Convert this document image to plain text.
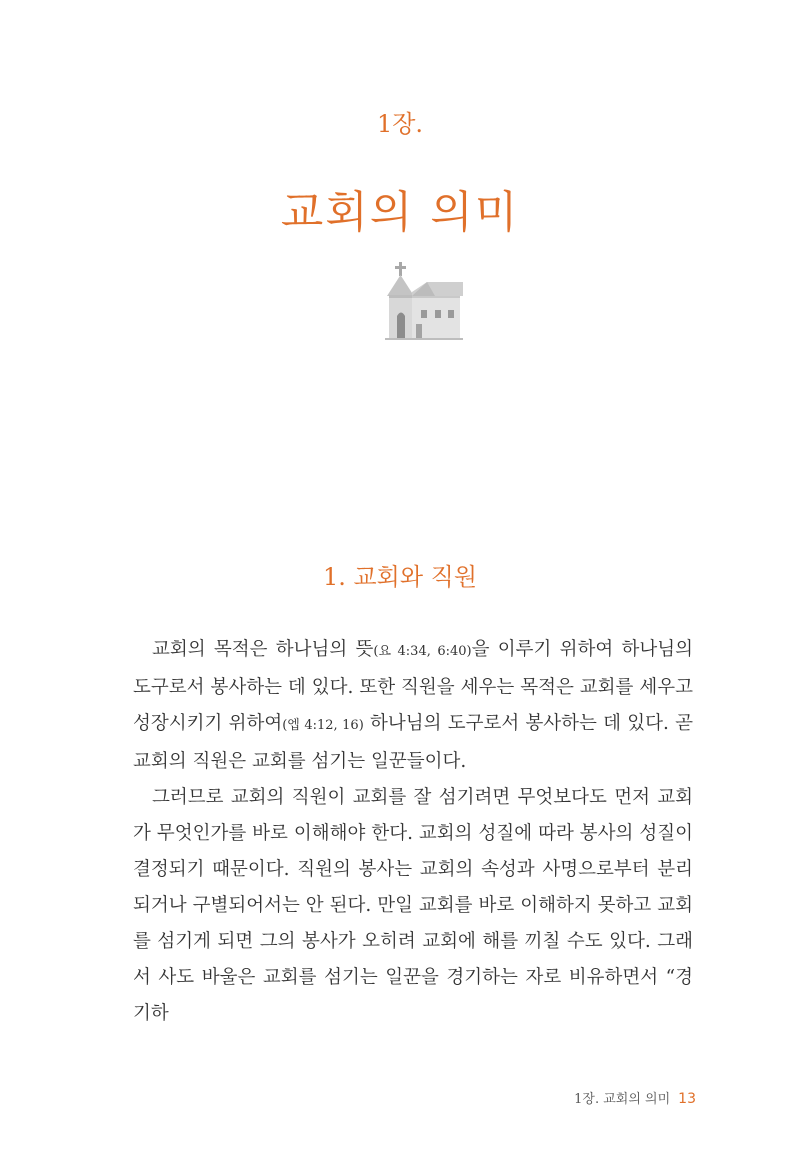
1장.
교회의 의미
1. 교회와 직원

교회의 목적은 하나님의 뜻(요 4:34, 6:40)을 이루기 위하여 하나님의 도구로서 봉사하는 데 있다. 또한 직원을 세우는 목적은 교회를 세우고 성장시키기 위하여(엡 4:12, 16) 하나님의 도구로서 봉사하는 데 있다. 곧 교회의 직원은 교회를 섬기는 일꾼들이다.

그러므로 교회의 직원이 교회를 잘 섬기려면 무엇보다도 먼저 교회가 무엇인가를 바로 이해해야 한다. 교회의 성질에 따라 봉사의 성질이 결정되기 때문이다. 직원의 봉사는 교회의 속성과 사명으로부터 분리되거나 구별되어서는 안 된다. 만일 교회를 바로 이해하지 못하고 교회를 섬기게 되면 그의 봉사가 오히려 교회에 해를 끼칠 수도 있다. 그래서 사도 바울은 교회를 섬기는 일꾼을 경기하는 자로 비유하면서 “경기하

1장. 교회의 의미 13
